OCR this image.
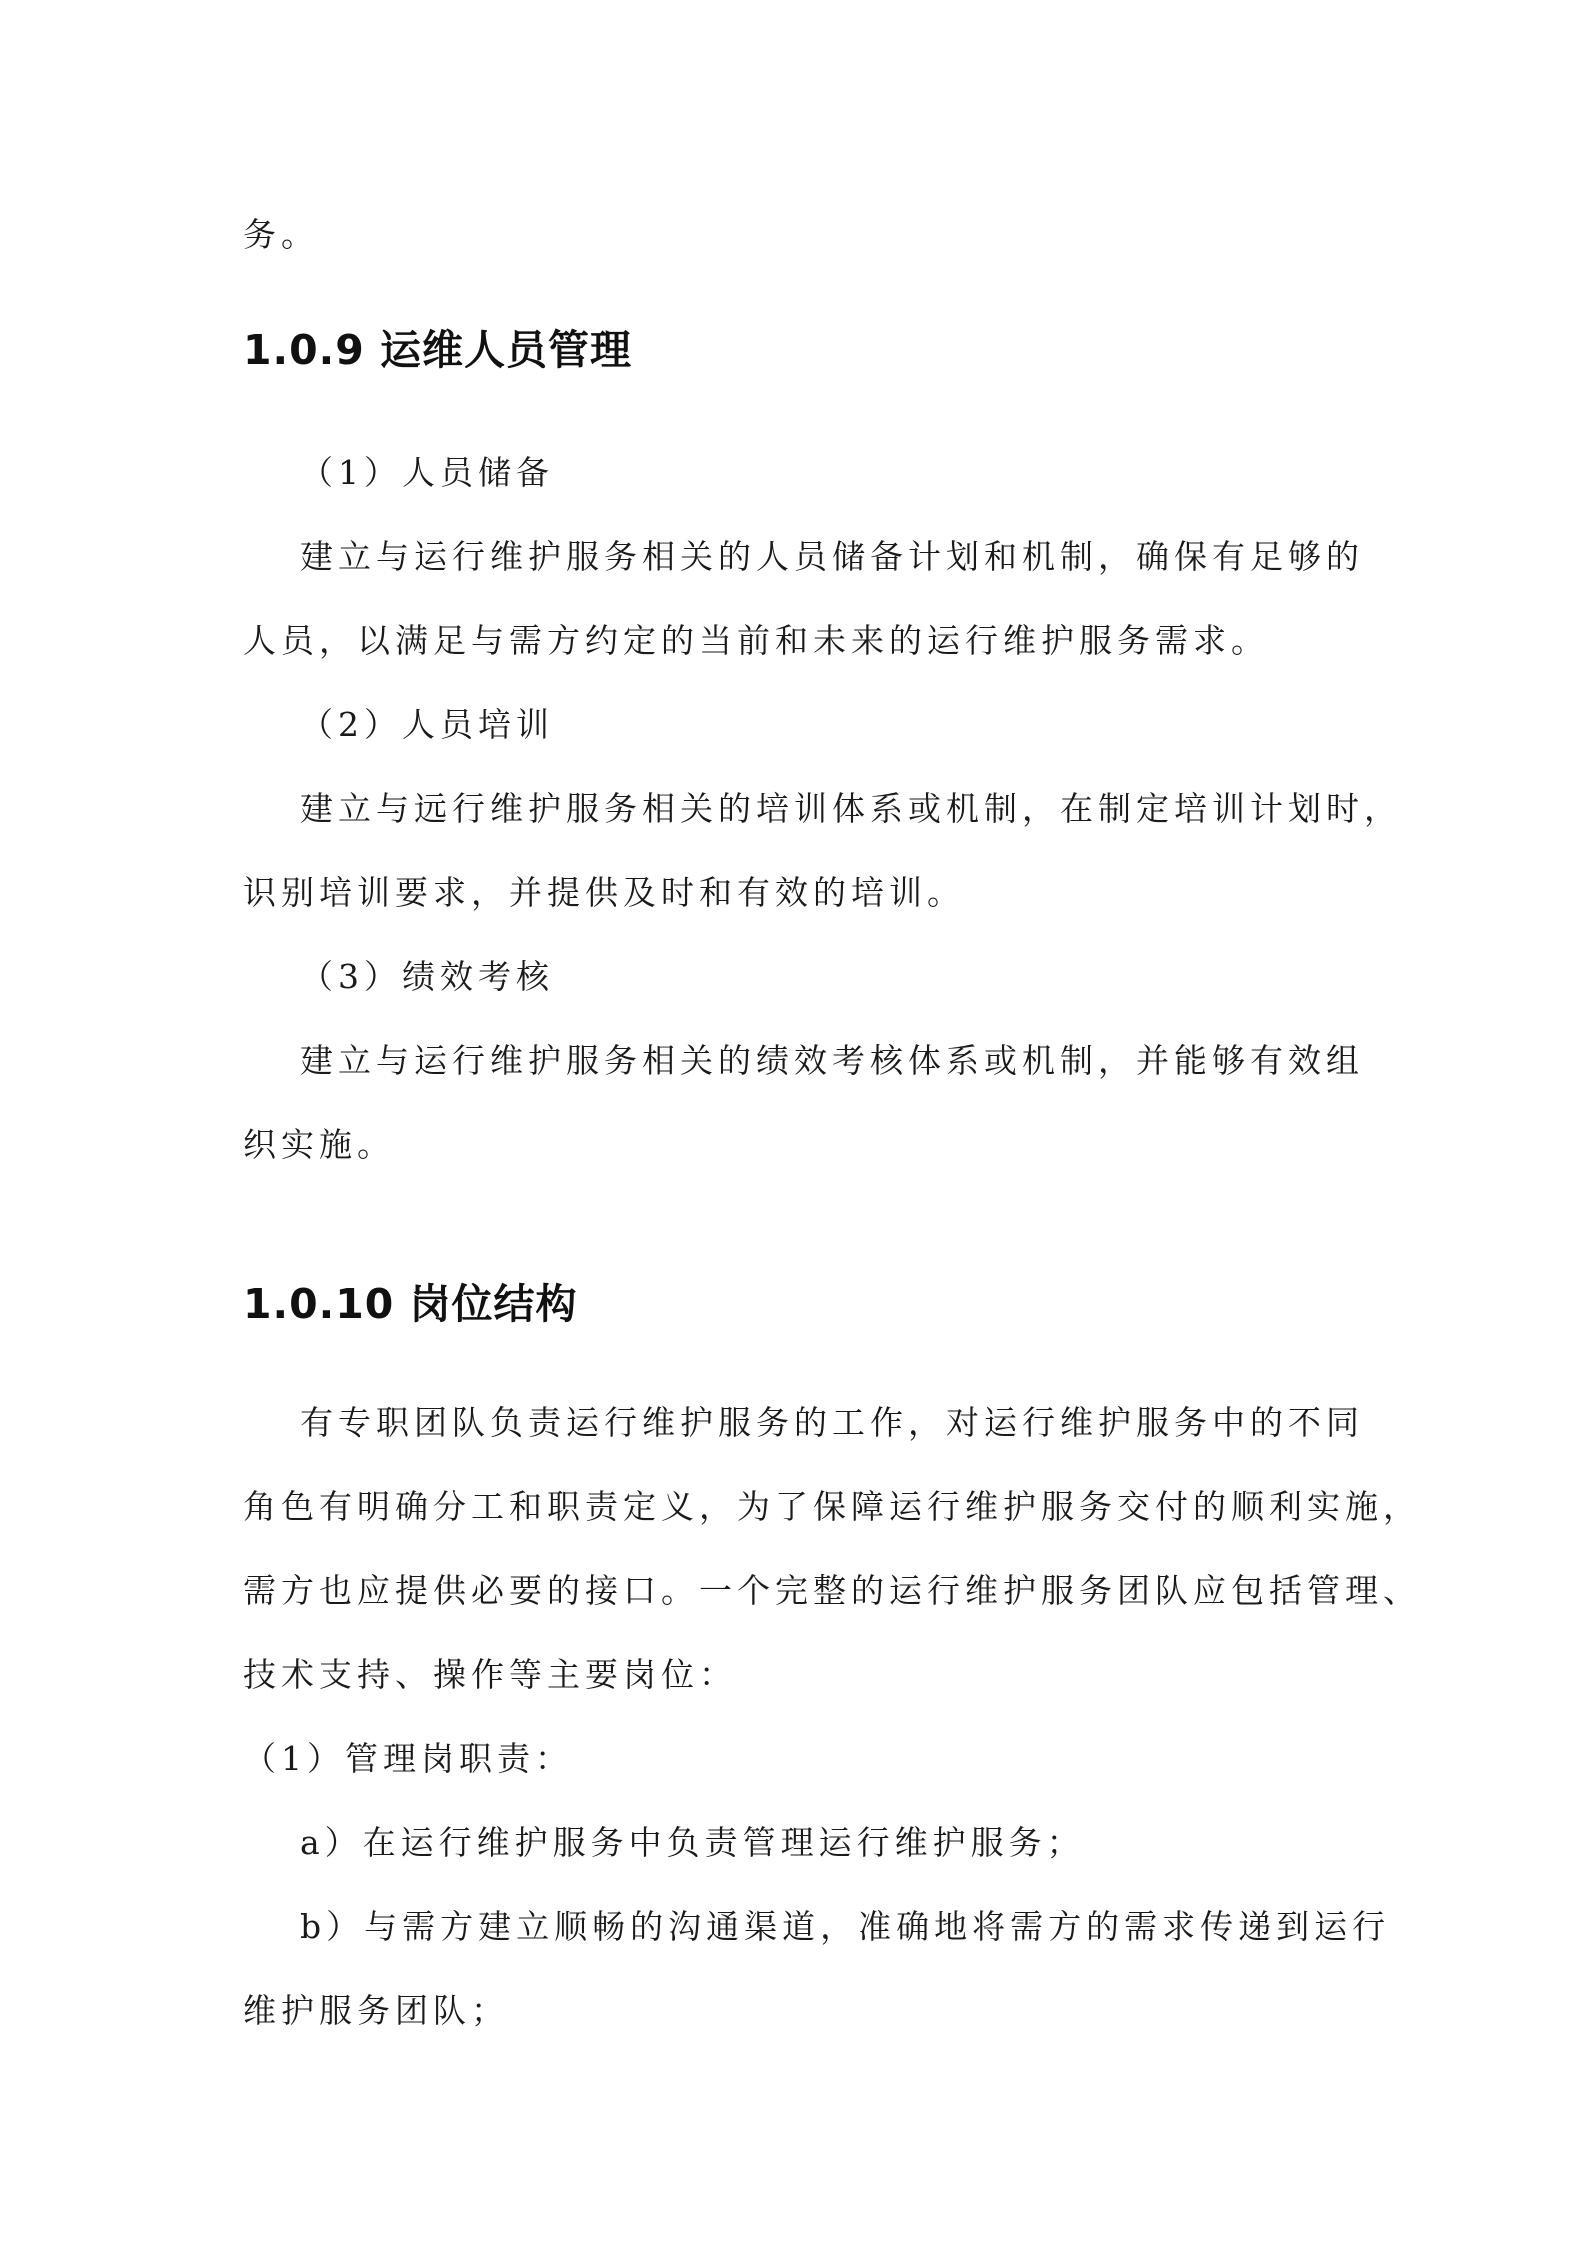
务。
1.0.9 运维人员管理
（1）人员储备
建立与运行维护服务相关的人员储备计划和机制，确保有足够的
人员，以满足与需方约定的当前和未来的运行维护服务需求。
（2）人员培训
建立与远行维护服务相关的培训体系或机制，在制定培训计划时，
识别培训要求，并提供及时和有效的培训。
（3）绩效考核
建立与运行维护服务相关的绩效考核体系或机制，并能够有效组
织实施。
1.0.10 岗位结构
有专职团队负责运行维护服务的工作，对运行维护服务中的不同
角色有明确分工和职责定义，为了保障运行维护服务交付的顺利实施，
需方也应提供必要的接口。一个完整的运行维护服务团队应包括管理、
技术支持、操作等主要岗位：
（1）管理岗职责：
a）在运行维护服务中负责管理运行维护服务；
b）与需方建立顺畅的沟通渠道，准确地将需方的需求传递到运行
维护服务团队；
